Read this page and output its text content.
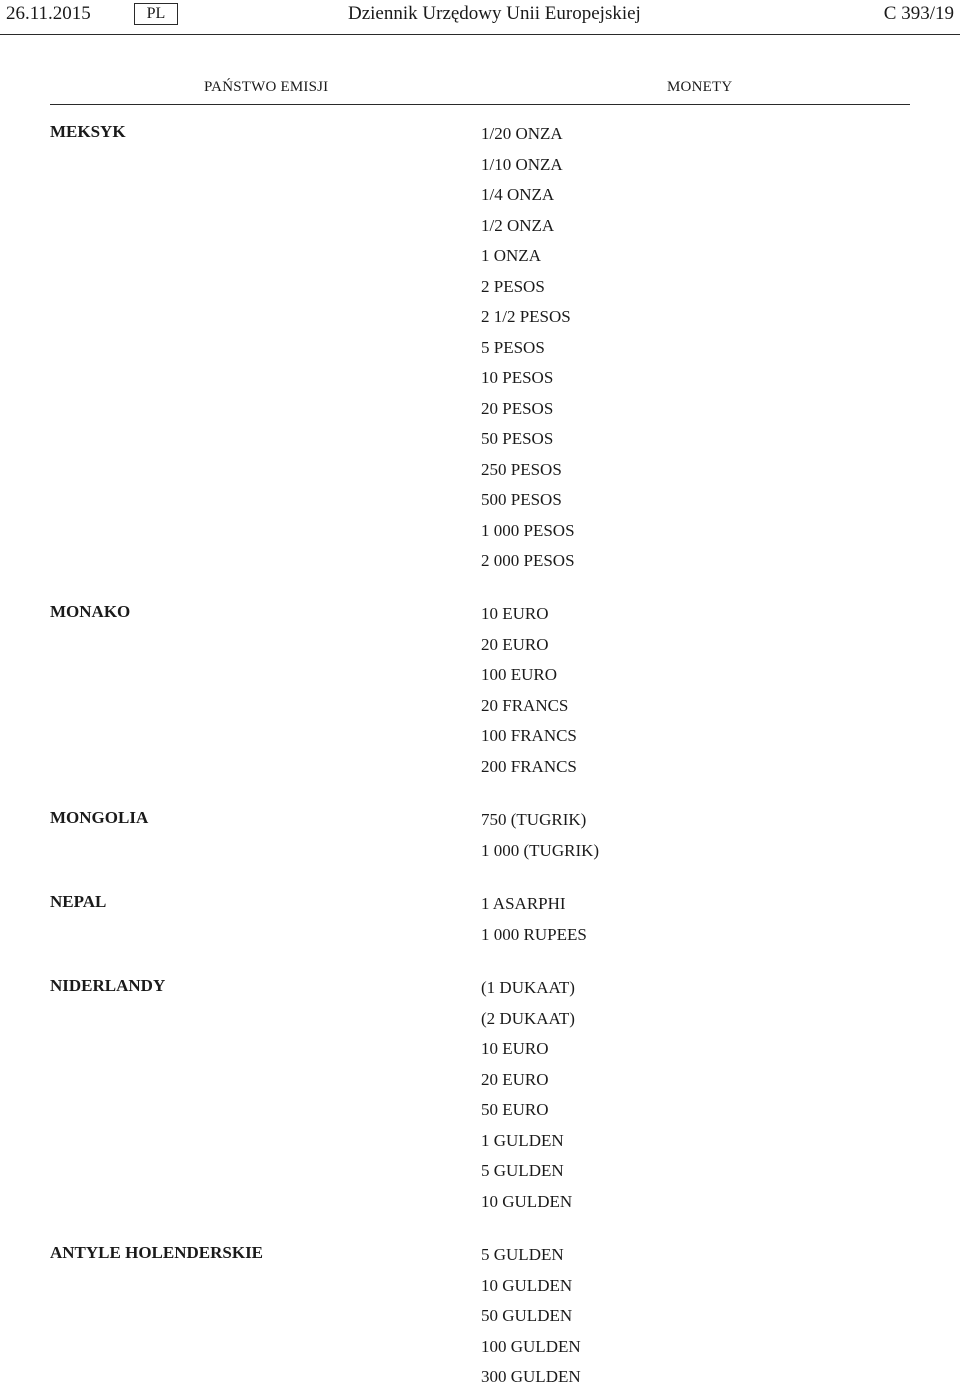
26.11.2015	PL	Dziennik Urzędowy Unii Europejskiej	C 393/19
PAŃSTWO EMISJI	MONETY
MEKSYK	1/20 ONZA
1/10 ONZA
1/4 ONZA
1/2 ONZA
1 ONZA
2 PESOS
2 1/2 PESOS
5 PESOS
10 PESOS
20 PESOS
50 PESOS
250 PESOS
500 PESOS
1 000 PESOS
2 000 PESOS
MONAKO	10 EURO
20 EURO
100 EURO
20 FRANCS
100 FRANCS
200 FRANCS
MONGOLIA	750 (TUGRIK)
1 000 (TUGRIK)
NEPAL	1 ASARPHI
1 000 RUPEES
NIDERLANDY	(1 DUKAAT)
(2 DUKAAT)
10 EURO
20 EURO
50 EURO
1 GULDEN
5 GULDEN
10 GULDEN
ANTYLE HOLENDERSKIE	5 GULDEN
10 GULDEN
50 GULDEN
100 GULDEN
300 GULDEN
